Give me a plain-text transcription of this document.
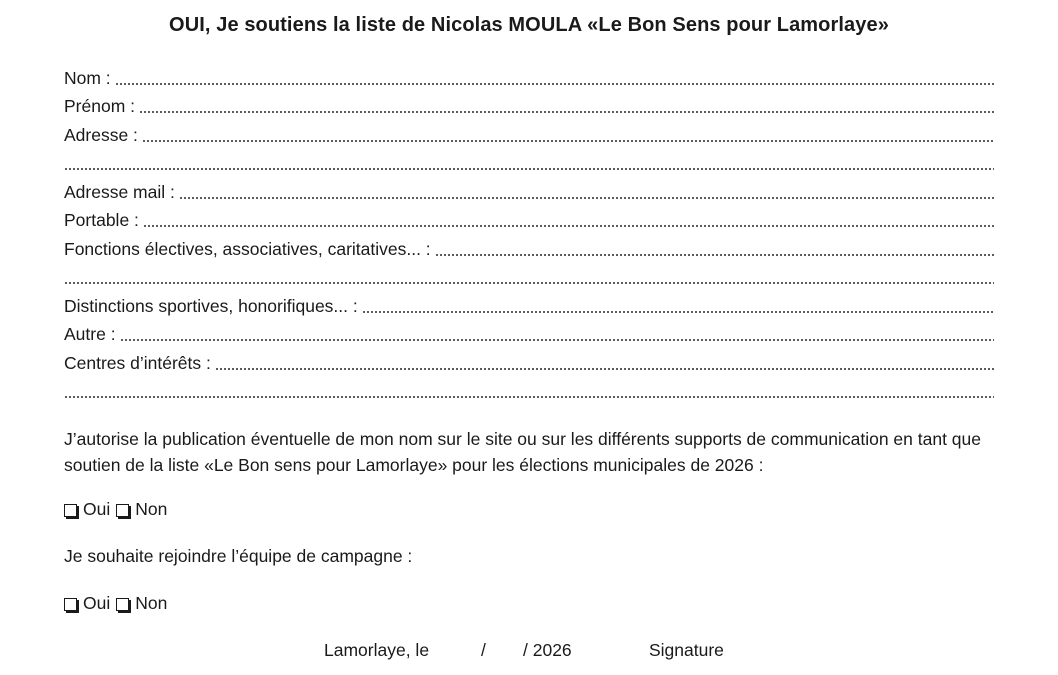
OUI, Je soutiens la liste de Nicolas MOULA «Le Bon Sens pour Lamorlaye»
Nom :
Prénom :
Adresse :
Adresse mail :
Portable :
Fonctions électives, associatives, caritatives... :
Distinctions sportives, honorifiques... :
Autre :
Centres d’intérêts :
J’autorise la publication éventuelle de mon nom sur le site ou sur les différents supports de communication en tant que soutien de la liste «Le Bon sens pour Lamorlaye» pour les élections municipales de 2026 :
Oui Non
Je souhaite rejoindre l’équipe de campagne :
Oui Non
Lamorlaye, le	/ / 2026	Signature
